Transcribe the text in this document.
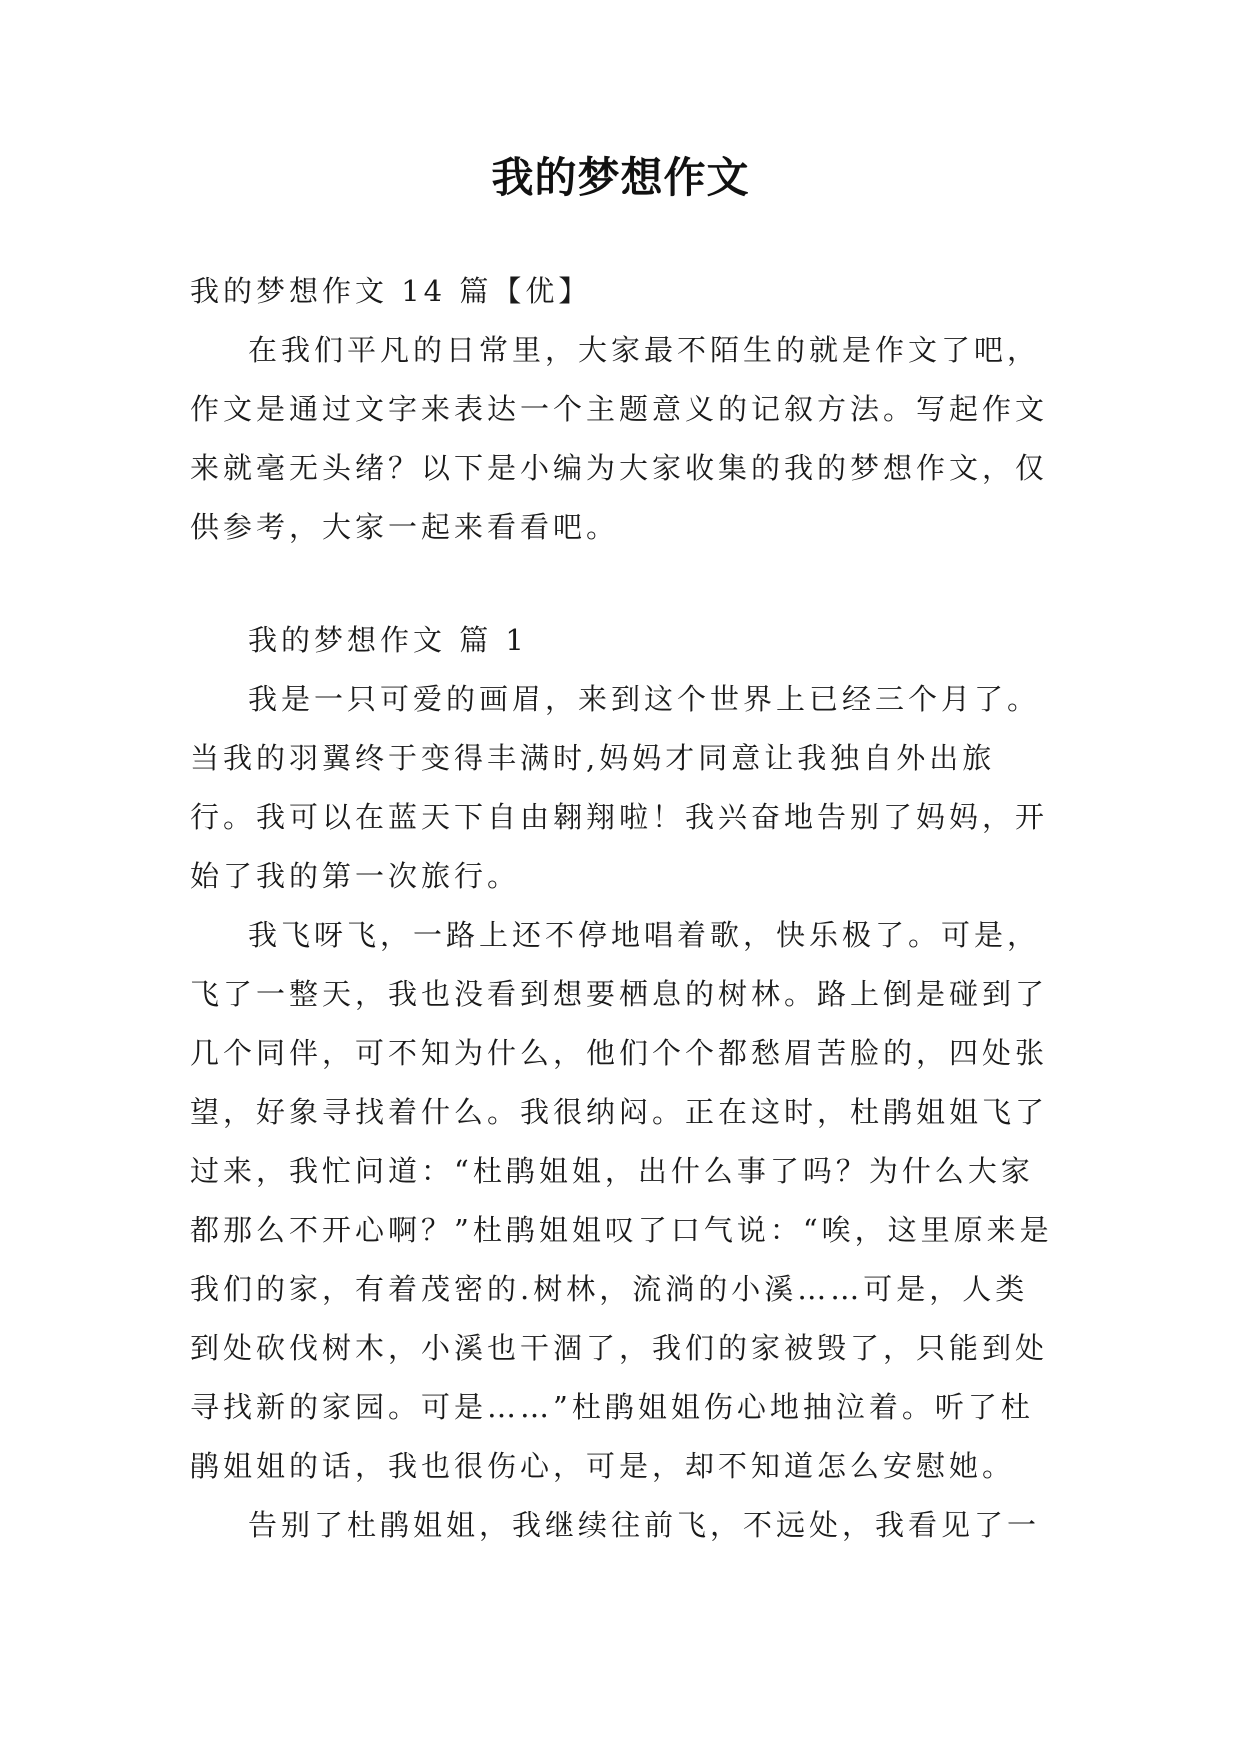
我的梦想作文

我的梦想作文 14 篇【优】

在我们平凡的日常里，大家最不陌生的就是作文了吧，作文是通过文字来表达一个主题意义的记叙方法。写起作文来就毫无头绪？以下是小编为大家收集的我的梦想作文，仅供参考，大家一起来看看吧。

我的梦想作文 篇 1

我是一只可爱的画眉，来到这个世界上已经三个月了。当我的羽翼终于变得丰满时,妈妈才同意让我独自外出旅行。我可以在蓝天下自由翱翔啦！我兴奋地告别了妈妈，开始了我的第一次旅行。

我飞呀飞，一路上还不停地唱着歌，快乐极了。可是，飞了一整天，我也没看到想要栖息的树林。路上倒是碰到了几个同伴，可不知为什么，他们个个都愁眉苦脸的，四处张望，好象寻找着什么。我很纳闷。正在这时，杜鹃姐姐飞了过来，我忙问道：“杜鹃姐姐，出什么事了吗？为什么大家都那么不开心啊？”杜鹃姐姐叹了口气说：“唉，这里原来是我们的家，有着茂密的.树林，流淌的小溪……可是，人类到处砍伐树木，小溪也干涸了，我们的家被毁了，只能到处寻找新的家园。可是……”杜鹃姐姐伤心地抽泣着。听了杜鹃姐姐的话，我也很伤心，可是，却不知道怎么安慰她。

告别了杜鹃姐姐，我继续往前飞，不远处，我看见了一
